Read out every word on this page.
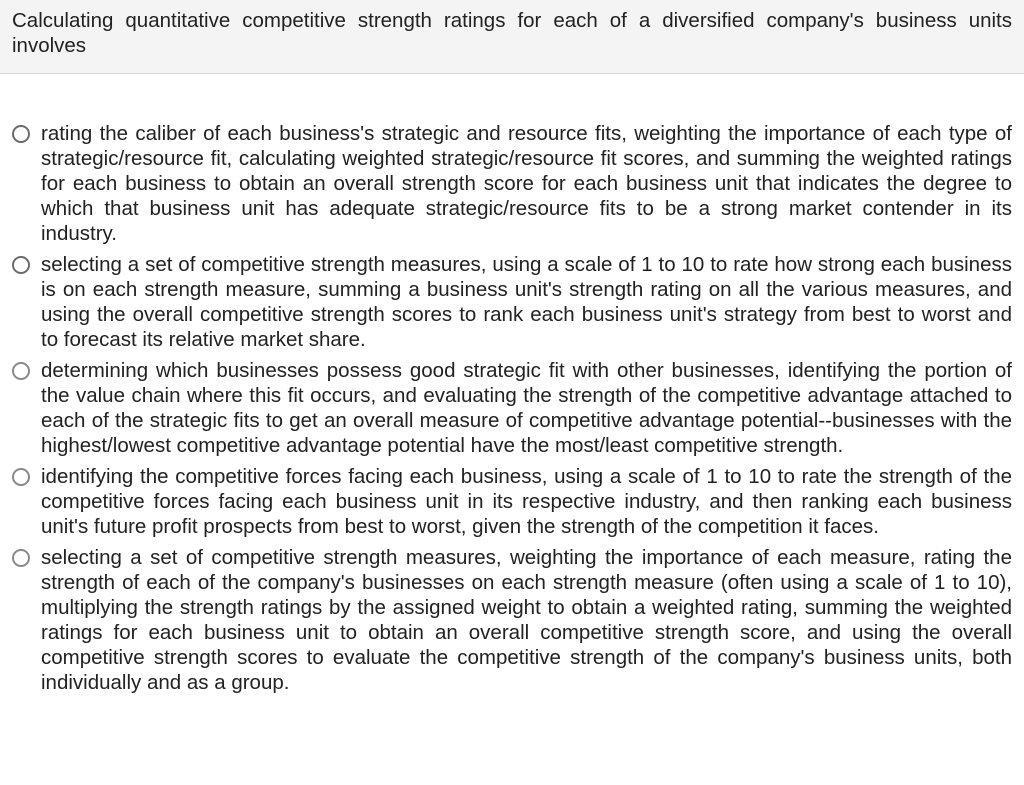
Calculating quantitative competitive strength ratings for each of a diversified company's business units involves
rating the caliber of each business's strategic and resource fits, weighting the importance of each type of strategic/resource fit, calculating weighted strategic/resource fit scores, and summing the weighted ratings for each business to obtain an overall strength score for each business unit that indicates the degree to which that business unit has adequate strategic/resource fits to be a strong market contender in its industry.
selecting a set of competitive strength measures, using a scale of 1 to 10 to rate how strong each business is on each strength measure, summing a business unit's strength rating on all the various measures, and using the overall competitive strength scores to rank each business unit's strategy from best to worst and to forecast its relative market share.
determining which businesses possess good strategic fit with other businesses, identifying the portion of the value chain where this fit occurs, and evaluating the strength of the competitive advantage attached to each of the strategic fits to get an overall measure of competitive advantage potential--businesses with the highest/lowest competitive advantage potential have the most/least competitive strength.
identifying the competitive forces facing each business, using a scale of 1 to 10 to rate the strength of the competitive forces facing each business unit in its respective industry, and then ranking each business unit's future profit prospects from best to worst, given the strength of the competition it faces.
selecting a set of competitive strength measures, weighting the importance of each measure, rating the strength of each of the company's businesses on each strength measure (often using a scale of 1 to 10), multiplying the strength ratings by the assigned weight to obtain a weighted rating, summing the weighted ratings for each business unit to obtain an overall competitive strength score, and using the overall competitive strength scores to evaluate the competitive strength of the company's business units, both individually and as a group.
